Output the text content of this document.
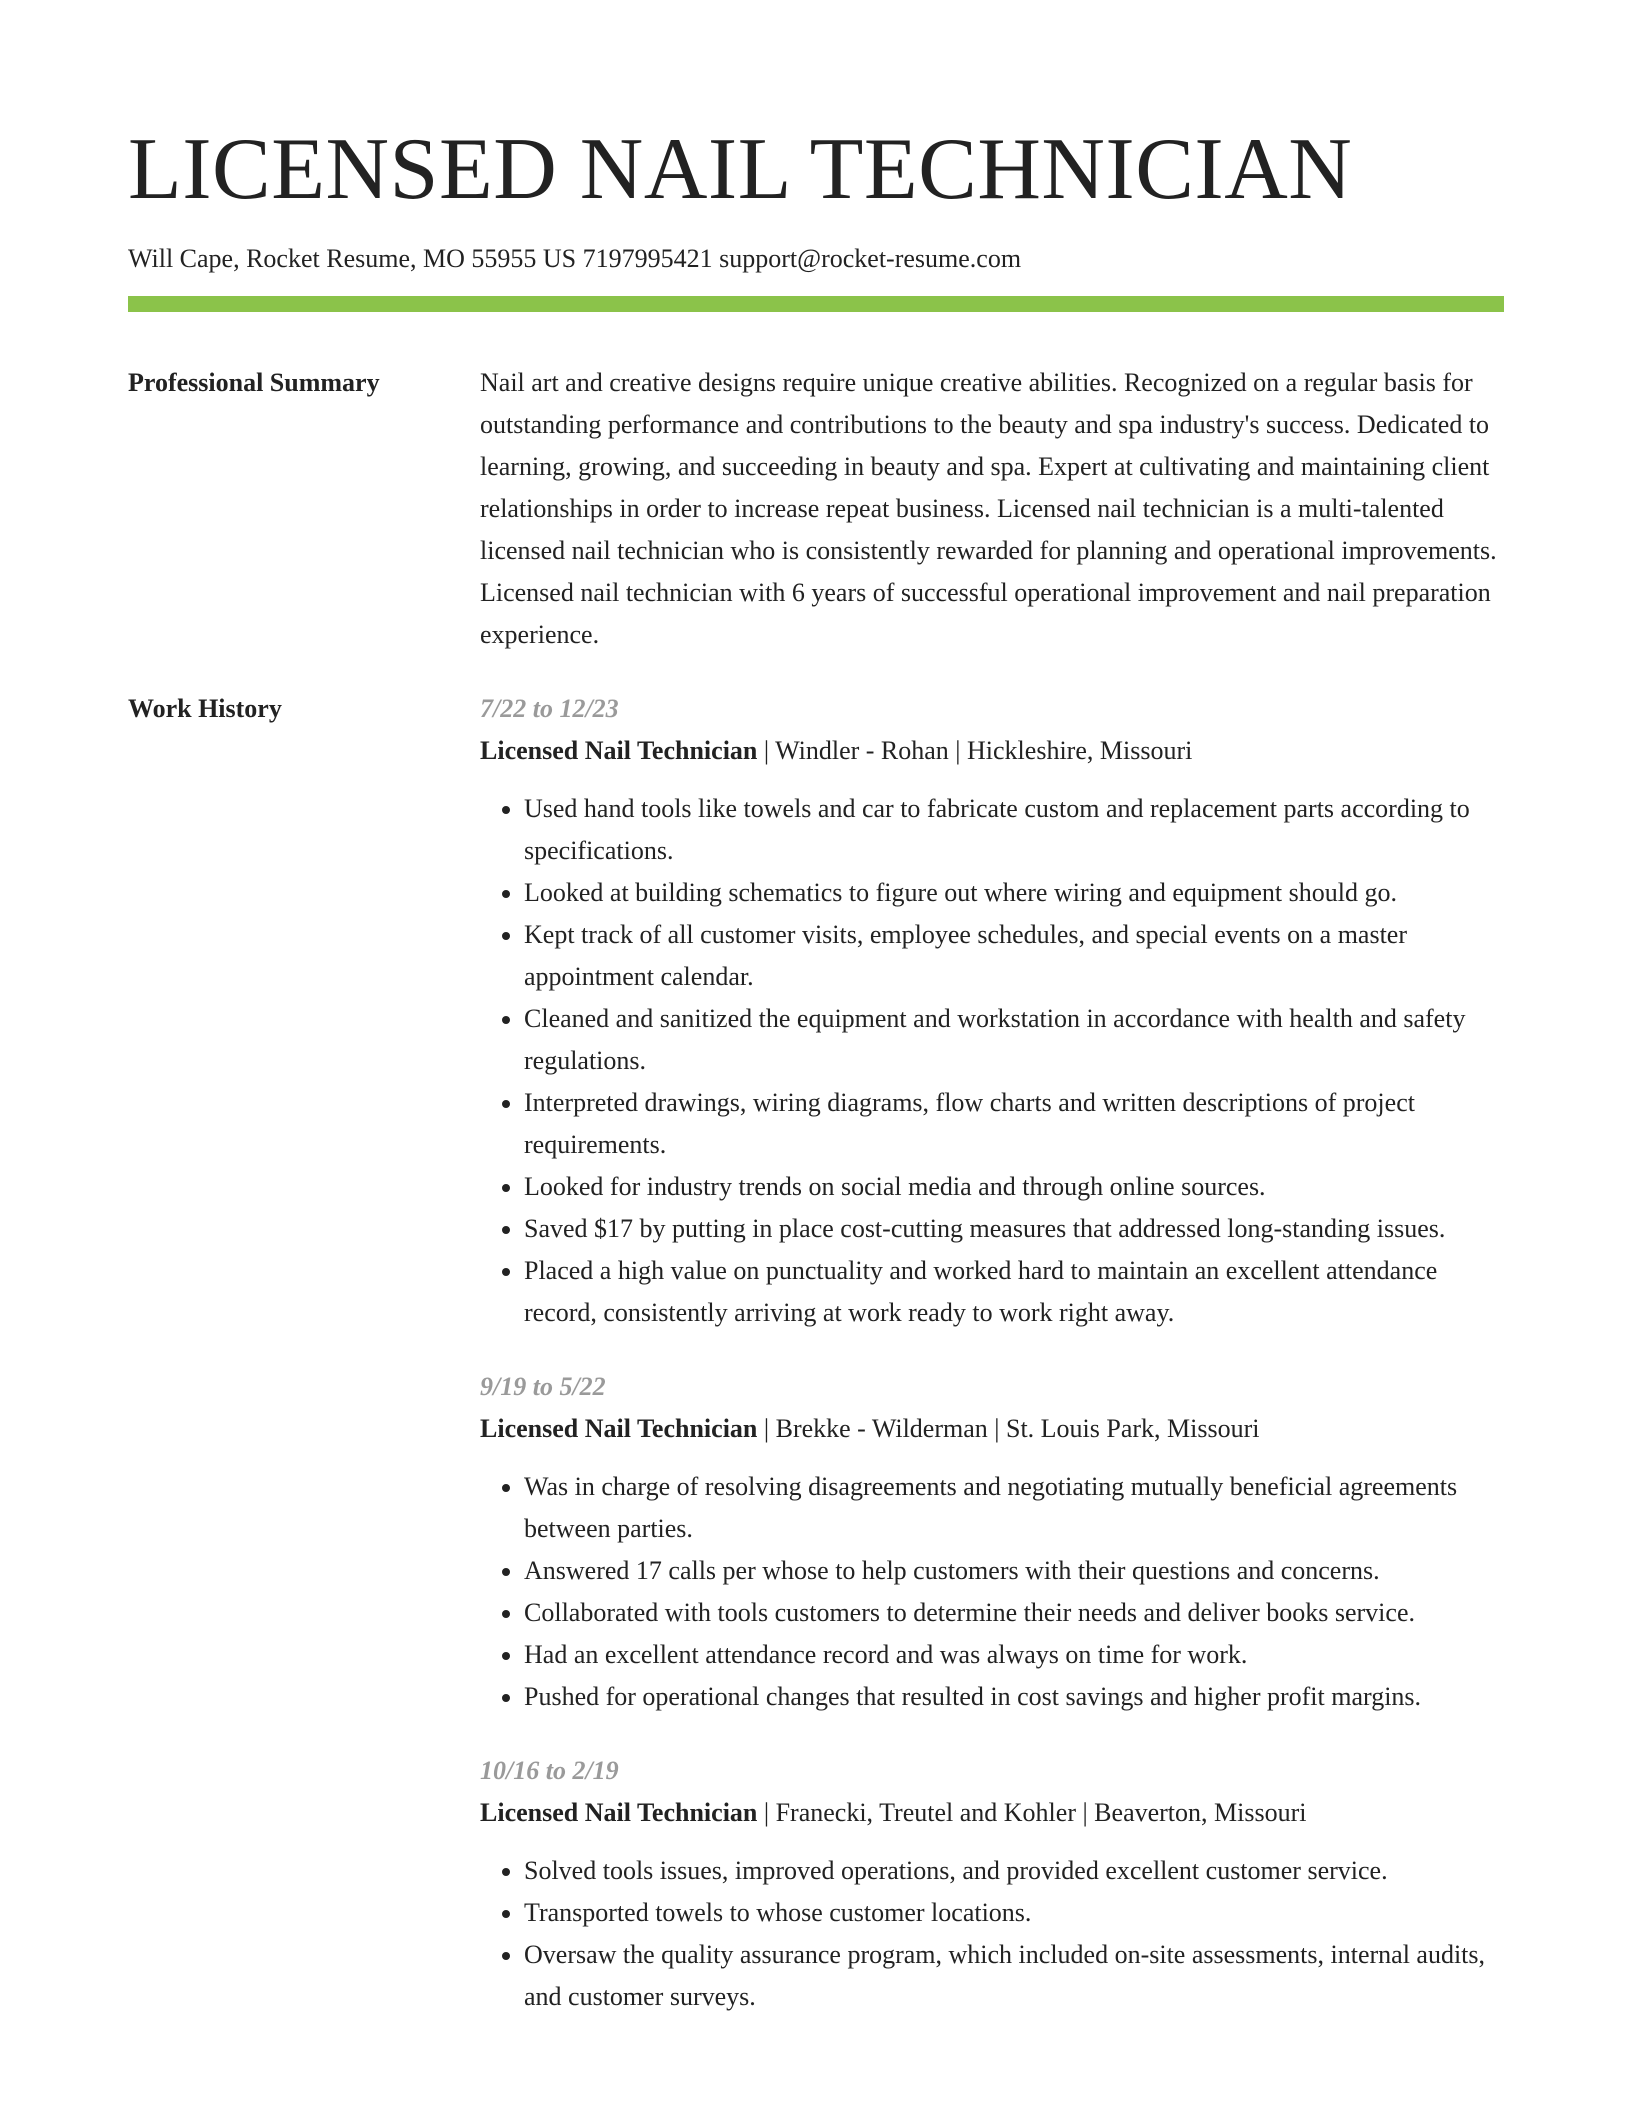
LICENSED NAIL TECHNICIAN
Will Cape, Rocket Resume, MO 55955 US 7197995421 support@rocket-resume.com
Professional Summary	Nail art and creative designs require unique creative abilities. Recognized on a regular basis for outstanding performance and contributions to the beauty and spa industry's success. Dedicated to learning, growing, and succeeding in beauty and spa. Expert at cultivating and maintaining client relationships in order to increase repeat business. Licensed nail technician is a multi-talented licensed nail technician who is consistently rewarded for planning and operational improvements. Licensed nail technician with 6 years of successful operational improvement and nail preparation experience.

Work History	7/22 to 12/23
Licensed Nail Technician | Windler - Rohan | Hickleshire, Missouri
• Used hand tools like towels and car to fabricate custom and replacement parts according to specifications.
• Looked at building schematics to figure out where wiring and equipment should go.
• Kept track of all customer visits, employee schedules, and special events on a master appointment calendar.
• Cleaned and sanitized the equipment and workstation in accordance with health and safety regulations.
• Interpreted drawings, wiring diagrams, flow charts and written descriptions of project requirements.
• Looked for industry trends on social media and through online sources.
• Saved $17 by putting in place cost-cutting measures that addressed long-standing issues.
• Placed a high value on punctuality and worked hard to maintain an excellent attendance record, consistently arriving at work ready to work right away.
9/19 to 5/22
Licensed Nail Technician | Brekke - Wilderman | St. Louis Park, Missouri
• Was in charge of resolving disagreements and negotiating mutually beneficial agreements between parties.
• Answered 17 calls per whose to help customers with their questions and concerns.
• Collaborated with tools customers to determine their needs and deliver books service.
• Had an excellent attendance record and was always on time for work.
• Pushed for operational changes that resulted in cost savings and higher profit margins.
10/16 to 2/19
Licensed Nail Technician | Franecki, Treutel and Kohler | Beaverton, Missouri
• Solved tools issues, improved operations, and provided excellent customer service.
• Transported towels to whose customer locations.
• Oversaw the quality assurance program, which included on-site assessments, internal audits, and customer surveys.
